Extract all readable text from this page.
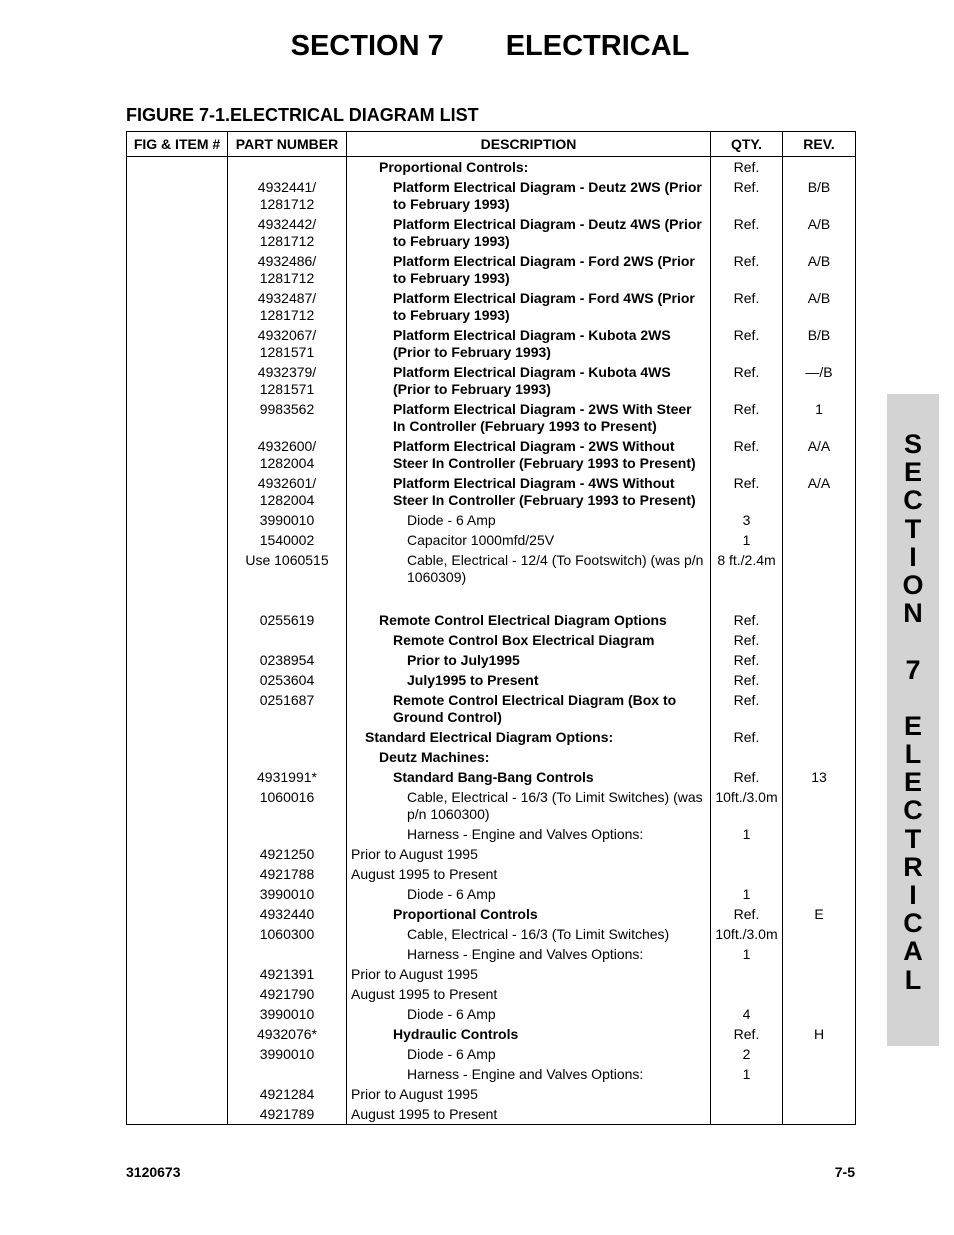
SECTION 7 ELECTRICAL
FIGURE 7-1.ELECTRICAL DIAGRAM LIST
FIG & ITEM #	PART NUMBER	DESCRIPTION	QTY.	REV.

		Proportional Controls:	Ref.	
	4932441/ 1281712	Platform Electrical Diagram - Deutz 2WS (Prior to February 1993)	Ref.	B/B
	4932442/ 1281712	Platform Electrical Diagram - Deutz 4WS (Prior to February 1993)	Ref.	A/B
	4932486/ 1281712	Platform Electrical Diagram - Ford 2WS (Prior to February 1993)	Ref.	A/B
	4932487/ 1281712	Platform Electrical Diagram - Ford 4WS (Prior to February 1993)	Ref.	A/B
	4932067/ 1281571	Platform Electrical Diagram - Kubota 2WS (Prior to February 1993)	Ref.	B/B
	4932379/ 1281571	Platform Electrical Diagram - Kubota 4WS (Prior to February 1993)	Ref.	—/B
	9983562	Platform Electrical Diagram - 2WS With Steer In Controller (February 1993 to Present)	Ref.	1
	4932600/ 1282004	Platform Electrical Diagram - 2WS Without Steer In Controller (February 1993 to Present)	Ref.	A/A
	4932601/ 1282004	Platform Electrical Diagram - 4WS Without Steer In Controller (February 1993 to Present)	Ref.	A/A
	3990010	Diode - 6 Amp	3	
	1540002	Capacitor 1000mfd/25V	1	
	Use 1060515	Cable, Electrical - 12/4 (To Footswitch) (was p/n 1060309)	8 ft./2.4m	

	0255619	Remote Control Electrical Diagram Options	Ref.	

		Remote Control Box Electrical Diagram	Ref.	
	0238954	Prior to July1995	Ref.	
	0253604	July1995 to Present	Ref.	
	0251687	Remote Control Electrical Diagram (Box to Ground Control)	Ref.	

		Standard Electrical Diagram Options:	Ref.	

		Deutz Machines:		

	4931991*	Standard Bang-Bang Controls	Ref.	13
	1060016	Cable, Electrical - 16/3 (To Limit Switches) (was p/n 1060300)	10ft./3.0m	

		Harness - Engine and Valves Options:	1	
	4921250	Prior to August 1995		

	4921788	August 1995 to Present		

	3990010	Diode - 6 Amp	1	
	4932440	Proportional Controls	Ref.	E
	1060300	Cable, Electrical - 16/3 (To Limit Switches)	10ft./3.0m	

		Harness - Engine and Valves Options:	1	
	4921391	Prior to August 1995		

	4921790	August 1995 to Present		

	3990010	Diode - 6 Amp	4	
	4932076*	Hydraulic Controls	Ref.	H
	3990010	Diode - 6 Amp	2	

		Harness - Engine and Valves Options:	1	
	4921284	Prior to August 1995		

	4921789	August 1995 to Present		

S
E
C
T
I
O
N
7
E
L
E
C
T
R
I
C
A
L
3120673	7-5
